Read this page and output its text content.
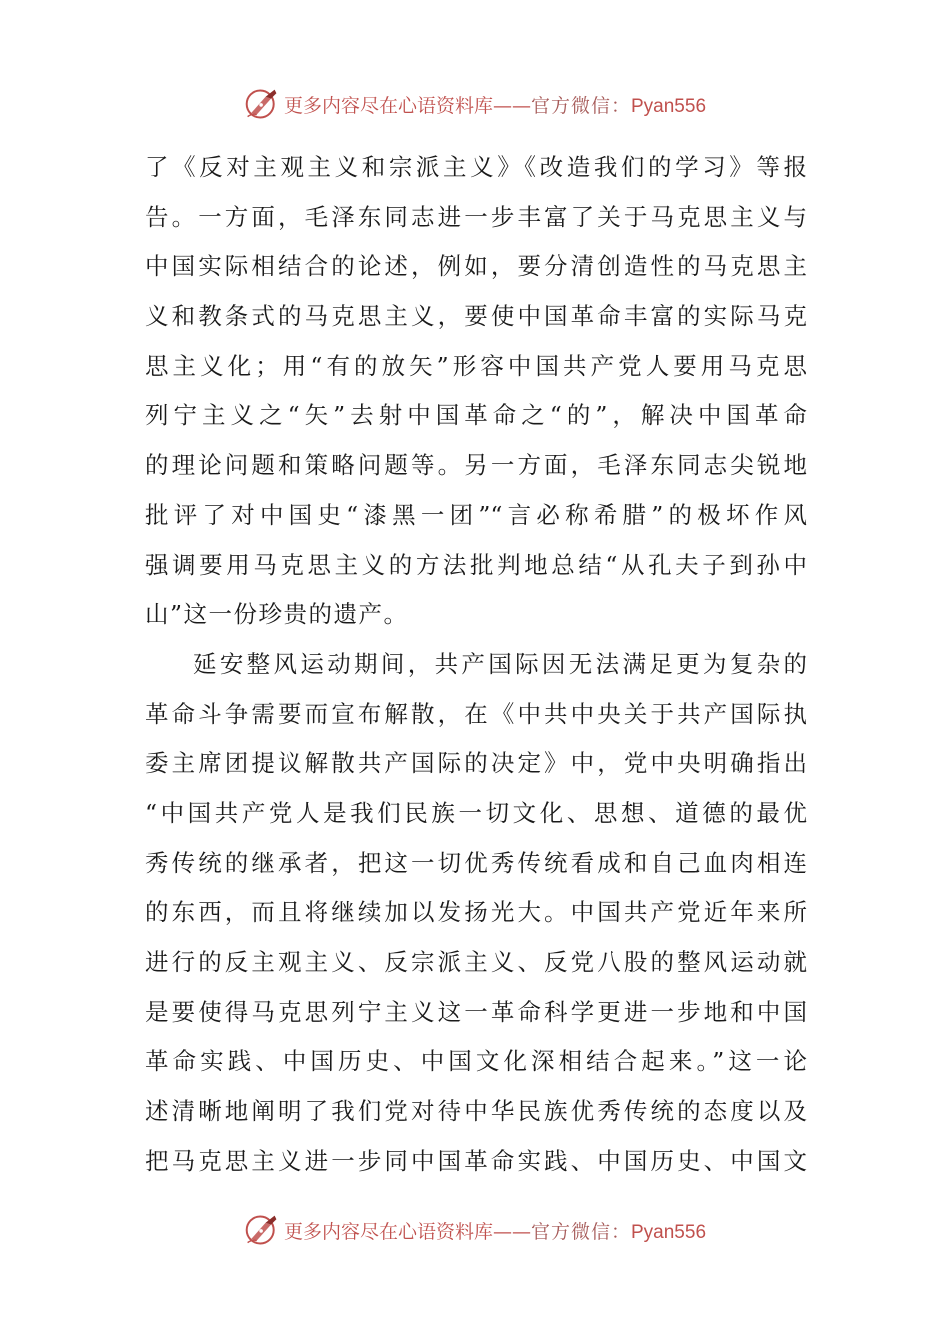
更多内容尽在心语资料库——官方微信：Pyan556
了《反对主观主义和宗派主义》《改造我们的学习》等报
告。一方面，毛泽东同志进一步丰富了关于马克思主义与
中国实际相结合的论述，例如，要分清创造性的马克思主
义和教条式的马克思主义，要使中国革命丰富的实际马克
思主义化；用“有的放矢”形容中国共产党人要用马克思
列宁主义之“矢”去射中国革命之“的”，解决中国革命
的理论问题和策略问题等。另一方面，毛泽东同志尖锐地
批评了对中国史“漆黑一团”“言必称希腊”的极坏作风
强调要用马克思主义的方法批判地总结“从孔夫子到孙中
山”这一份珍贵的遗产。
延安整风运动期间，共产国际因无法满足更为复杂的
革命斗争需要而宣布解散，在《中共中央关于共产国际执
委主席团提议解散共产国际的决定》中，党中央明确指出
“中国共产党人是我们民族一切文化、思想、道德的最优
秀传统的继承者，把这一切优秀传统看成和自己血肉相连
的东西，而且将继续加以发扬光大。中国共产党近年来所
进行的反主观主义、反宗派主义、反党八股的整风运动就
是要使得马克思列宁主义这一革命科学更进一步地和中国
革命实践、中国历史、中国文化深相结合起来。”这一论
述清晰地阐明了我们党对待中华民族优秀传统的态度以及
把马克思主义进一步同中国革命实践、中国历史、中国文
更多内容尽在心语资料库——官方微信：Pyan556
